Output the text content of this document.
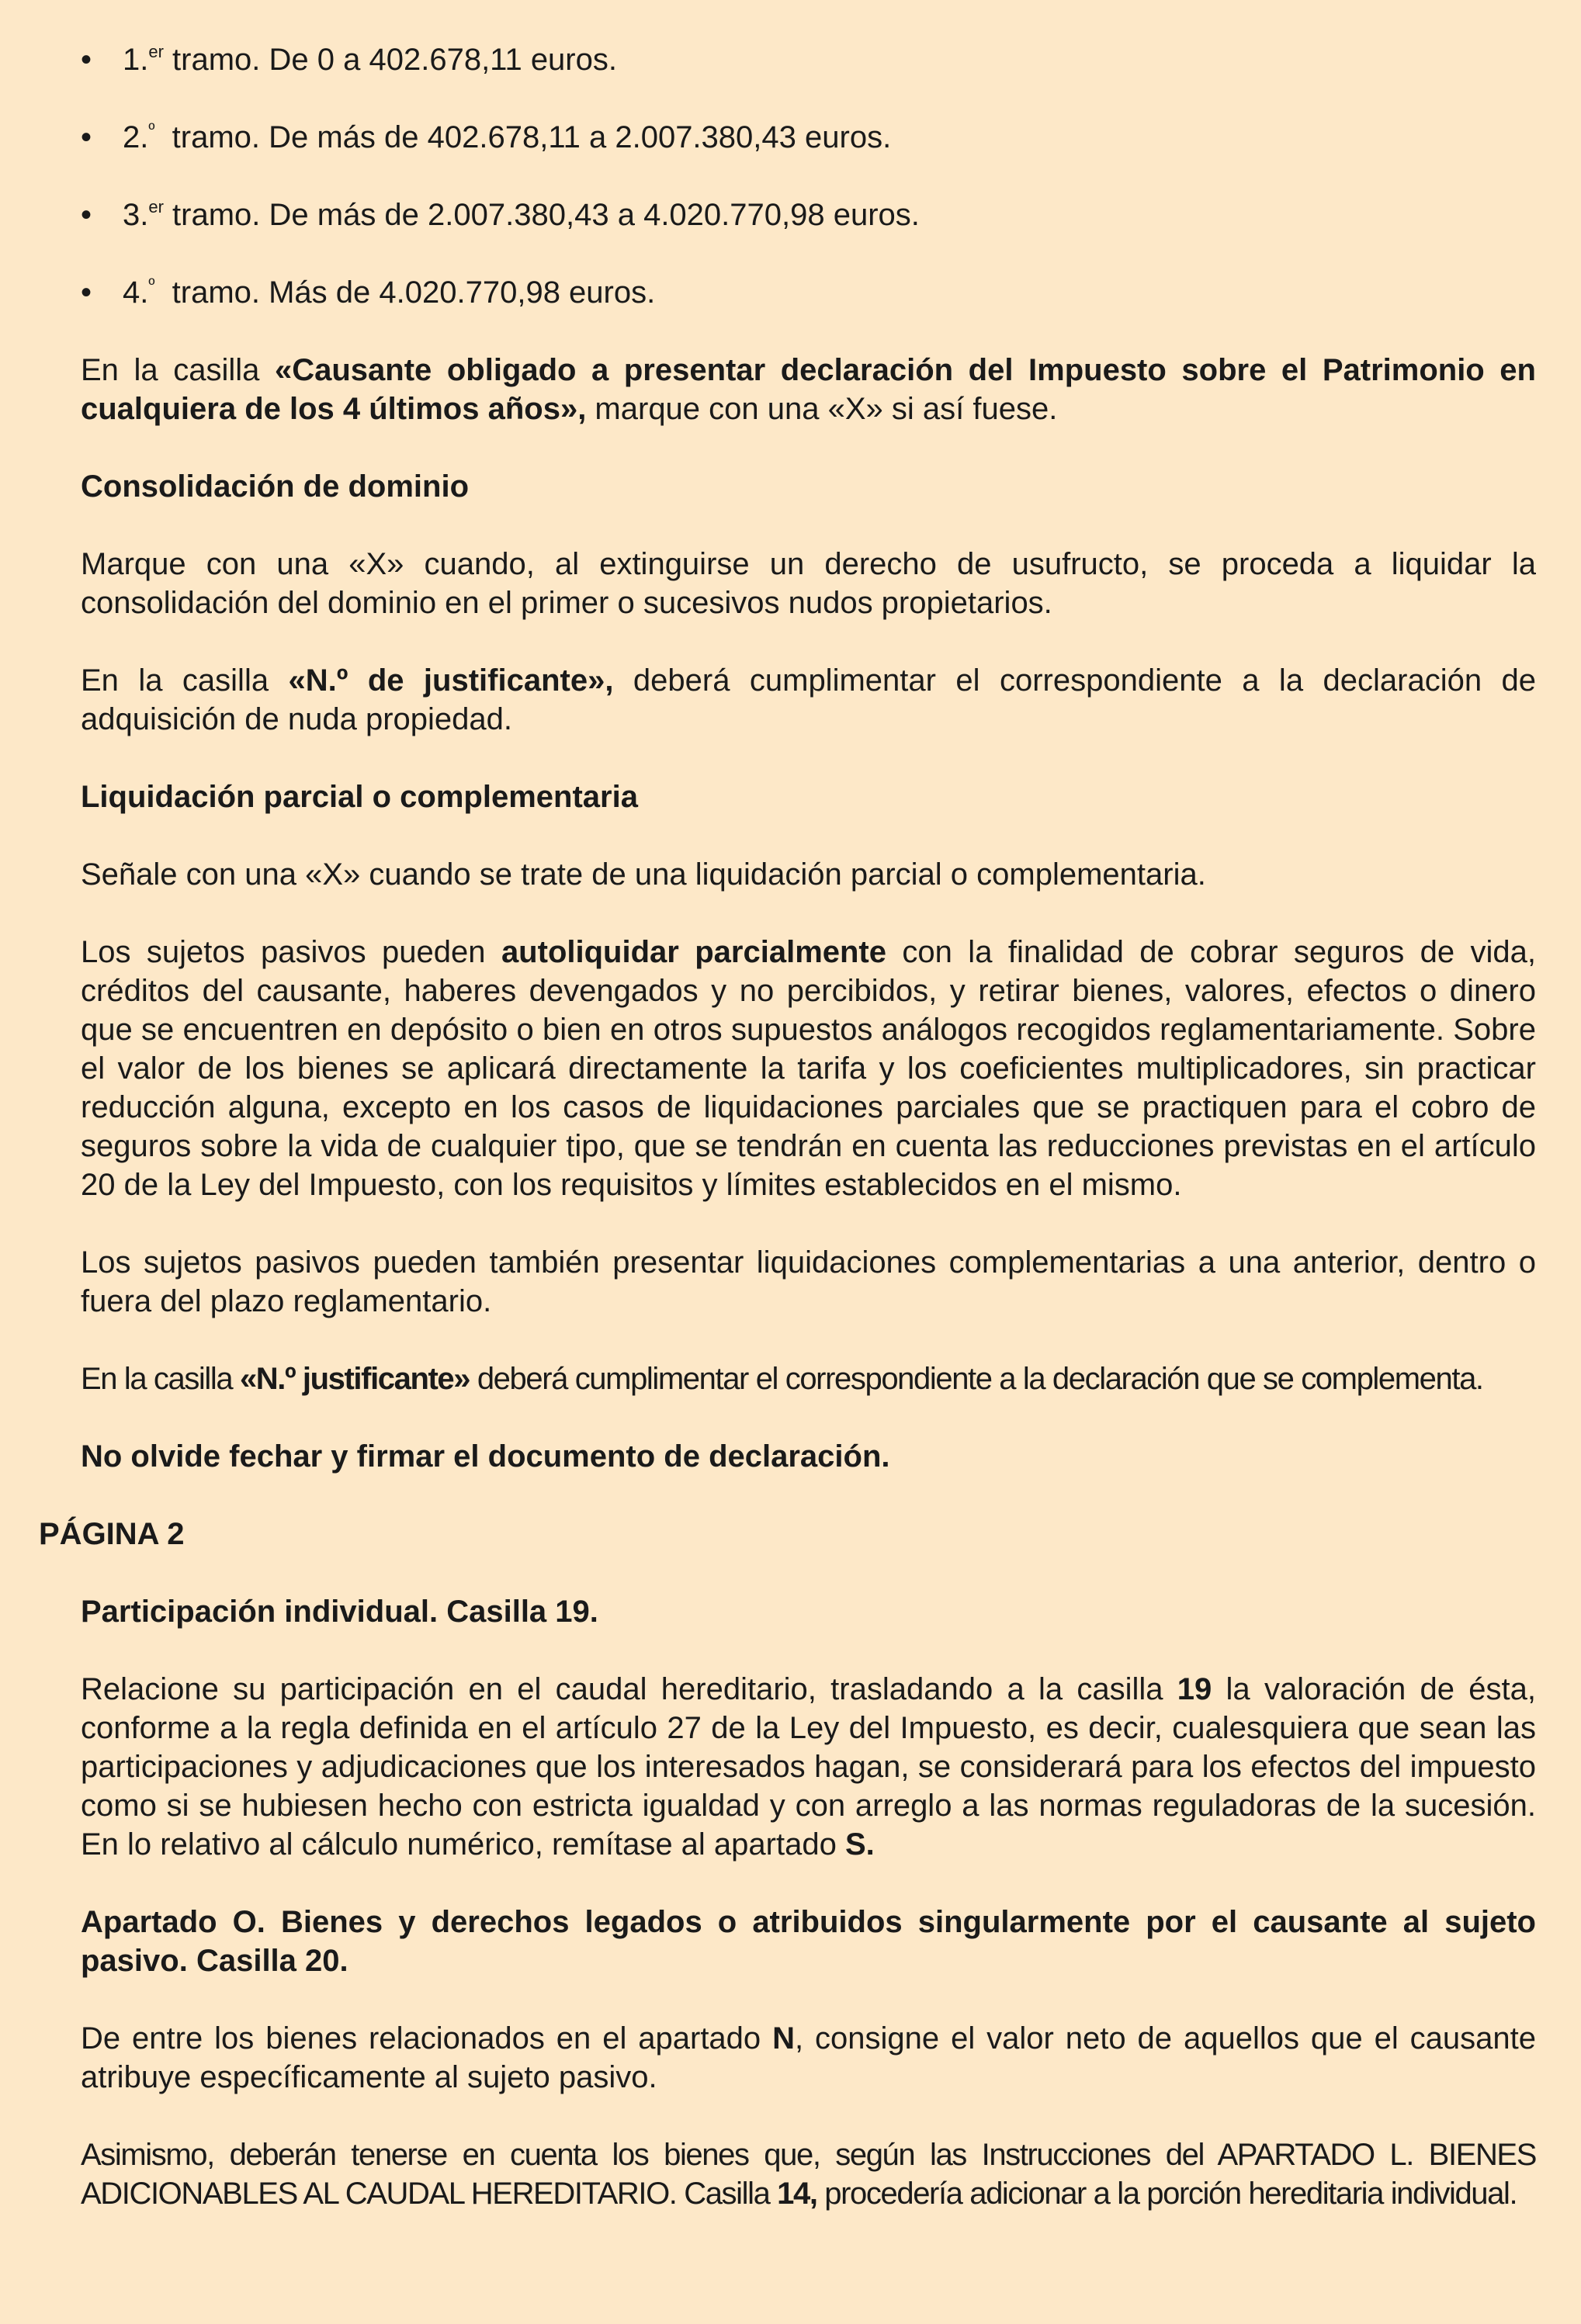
• 1.$^{er}$ tramo. De 0 a 402.678,11 euros.
• 2.$^º$  tramo. De más de 402.678,11 a 2.007.380,43 euros.
• 3.$^{er}$ tramo. De más de 2.007.380,43 a 4.020.770,98 euros.
• 4.$^º$  tramo. Más de 4.020.770,98 euros.

En la casilla «Causante obligado a presentar declaración del Impuesto sobre el Patrimonio en cualquiera de los 4 últimos años», marque con una «X» si así fuese.

Consolidación de dominio

Marque con una «X» cuando, al extinguirse un derecho de usufructo, se proceda a liquidar la consolidación del dominio en el primer o sucesivos nudos propietarios.

En la casilla «N.º de justificante», deberá cumplimentar el correspondiente a la declaración de adquisición de nuda propiedad.

Liquidación parcial o complementaria

Señale con una «X» cuando se trate de una liquidación parcial o complementaria.

Los sujetos pasivos pueden autoliquidar parcialmente con la finalidad de cobrar seguros de vida, créditos del causante, haberes devengados y no percibidos, y retirar bienes, valores, efectos o dinero que se encuentren en depósito o bien en otros supuestos análogos recogidos reglamentariamente. Sobre el valor de los bienes se aplicará directamente la tarifa y los coeficientes multiplicadores, sin practicar reducción alguna, excepto en los casos de liquidaciones parciales que se practiquen para el cobro de seguros sobre la vida de cualquier tipo, que se tendrán en cuenta las reducciones previstas en el artículo 20 de la Ley del Impuesto, con los requisitos y límites establecidos en el mismo.

Los sujetos pasivos pueden también presentar liquidaciones complementarias a una anterior, dentro o fuera del plazo reglamentario.

En la casilla «N.º justificante» deberá cumplimentar el correspondiente a la declaración que se complementa.

No olvide fechar y firmar el documento de declaración.

PÁGINA 2
Participación individual. Casilla 19.

Relacione su participación en el caudal hereditario, trasladando a la casilla 19 la valoración de ésta, conforme a la regla definida en el artículo 27 de la Ley del Impuesto, es decir, cualesquiera que sean las participaciones y adjudicaciones que los interesados hagan, se considerará para los efectos del impuesto como si se hubiesen hecho con estricta igualdad y con arreglo a las normas reguladoras de la sucesión. En lo relativo al cálculo numérico, remítase al apartado S.

Apartado O. Bienes y derechos legados o atribuidos singularmente por el causante al sujeto pasivo. Casilla 20.

De entre los bienes relacionados en el apartado N, consigne el valor neto de aquellos que el causante atribuye específicamente al sujeto pasivo.

Asimismo, deberán tenerse en cuenta los bienes que, según las Instrucciones del APARTADO L. BIENES ADICIONABLES AL CAUDAL HEREDITARIO. Casilla 14, procedería adicionar a la porción hereditaria individual.
